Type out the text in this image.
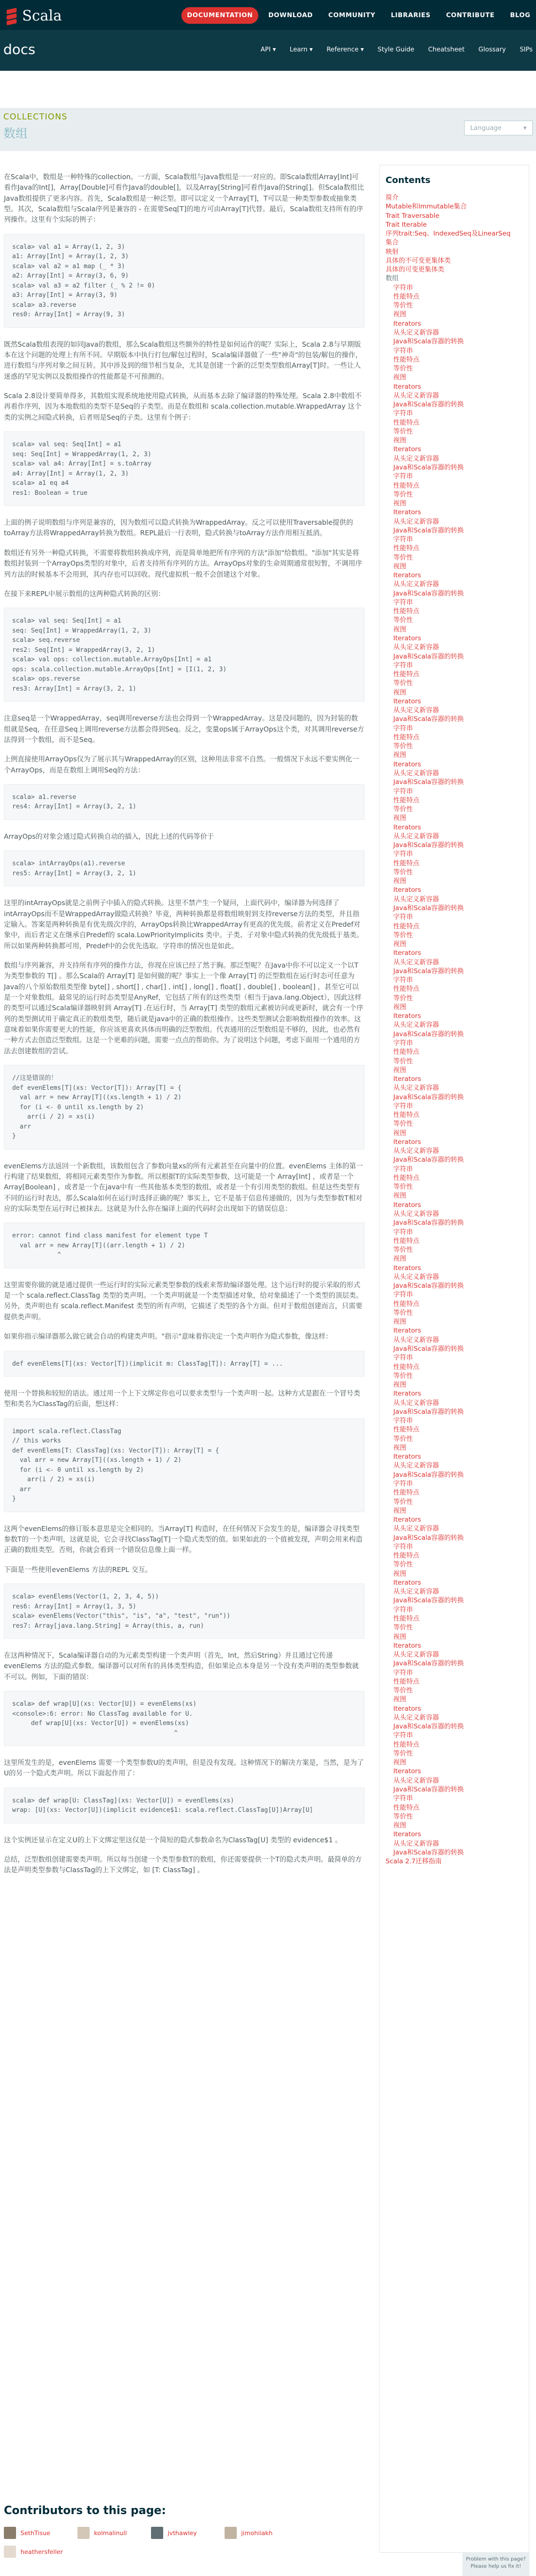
Scala	DOCUMENTATION	DOWNLOAD	COMMUNITY	LIBRARIES	CONTRIBUTE	BLOG
docs	API ▾ Learn ▾ Reference ▾ Style Guide Cheatsheet Glossary SIPs
COLLECTIONS
数组	Language	▾

在Scala中，数组是一种特殊的collection。一方面，Scala数组与Java数组是一一对应的。即Scala数组Array[Int]可看作Java的Int[]，Array[Double]可看作Java的double[]，以及Array[String]可看作Java的String[]。但Scala数组比Java数组提供了更多内容。首先，Scala数组是一种泛型。即可以定义一个Array[T]，T可以是一种类型参数或抽象类型。其次，Scala数组与Scala序列是兼容的 - 在需要Seq[T]的地方可由Array[T]代替。最后，Scala数组支持所有的序列操作。这里有个实际的例子：

scala> val a1 = Array(1, 2, 3)
a1: Array[Int] = Array(1, 2, 3)
scala> val a2 = a1 map (_ * 3)
a2: Array[Int] = Array(3, 6, 9)
scala> val a3 = a2 filter (_ % 2 != 0)
a3: Array[Int] = Array(3, 9)
scala> a3.reverse
res0: Array[Int] = Array(9, 3)

既然Scala数组表现的如同Java的数组，那么Scala数组这些额外的特性是如何运作的呢？实际上，Scala 2.8与早期版本在这个问题的处理上有所不同。早期版本中执行打包/解包过程时，Scala编译器做了一些"神奇"的包装/解包的操作，进行数组与序列对象之间互转。其中涉及到的细节相当复杂，尤其是创建一个新的泛型类型数组Array[T]时。一些让人迷惑的罕见实例以及数组操作的性能都是不可预测的。

Scala 2.8设计要简单得多，其数组实现系统地使用隐式转换，从而基本去除了编译器的特殊处理。Scala 2.8中数组不再看作序列，因为本地数组的类型不是Seq的子类型。而是在数组和 scala.collection.mutable.WrappedArray 这个类的实例之间隐式转换，后者则是Seq的子类。这里有个例子：

scala> val seq: Seq[Int] = a1
seq: Seq[Int] = WrappedArray(1, 2, 3)
scala> val a4: Array[Int] = s.toArray
a4: Array[Int] = Array(1, 2, 3)
scala> a1 eq a4
res1: Boolean = true

上面的例子说明数组与序列是兼容的，因为数组可以隐式转换为WrappedArray。反之可以使用Traversable提供的toArray方法将WrappedArray转换为数组。REPL最后一行表明，隐式转换与toArray方法作用相互抵消。

数组还有另外一种隐式转换，不需要将数组转换成序列，而是简单地把所有序列的方法"添加"给数组。"添加"其实是将数组封装到一个ArrayOps类型的对象中，后者支持所有序列的方法。ArrayOps对象的生命周期通常很短暂，不调用序列方法的时候基本不会用到，其内存也可以回收。现代虚拟机一般不会创建这个对象。

在接下来REPL中展示数组的这两种隐式转换的区别：

scala> val seq: Seq[Int] = a1
seq: Seq[Int] = WrappedArray(1, 2, 3)
scala> seq.reverse
res2: Seq[Int] = WrappedArray(3, 2, 1)
scala> val ops: collection.mutable.ArrayOps[Int] = a1
ops: scala.collection.mutable.ArrayOps[Int] = [I(1, 2, 3)
scala> ops.reverse
res3: Array[Int] = Array(3, 2, 1)

注意seq是一个WrappedArray，seq调用reverse方法也会得到一个WrappedArray。这是没问题的，因为封装的数组就是Seq，在任意Seq上调用reverse方法都会得到Seq。反之，变量ops属于ArrayOps这个类，对其调用reverse方法得到一个数组，而不是Seq。

上例直接使用ArrayOps仅为了展示其与WrappedArray的区别，这种用法非常不自然。一般情况下永远不要实例化一个ArrayOps，而是在数组上调用Seq的方法：

scala> a1.reverse
res4: Array[Int] = Array(3, 2, 1)

ArrayOps的对象会通过隐式转换自动的插入，因此上述的代码等价于

scala> intArrayOps(a1).reverse
res5: Array[Int] = Array(3, 2, 1)

这里的intArrayOps就是之前例子中插入的隐式转换。这里不禁产生一个疑问，上面代码中，编译器为何选择了intArrayOps而不是WrappedArray做隐式转换？毕竟，两种转换都是将数组映射到支持reverse方法的类型，并且指定输入。答案是两种转换是有优先级次序的，ArrayOps转换比WrappedArray有更高的优先级。前者定义在Predef对象中，而后者定义在继承自Predef的 scala.LowPriorityImplicits 类中。子类、子对象中隐式转换的优先级低于基类。所以如果两种转换都可用，Predef中的会优先选取。字符串的情况也是如此。

数组与序列兼容，并支持所有序列的操作方法，你现在应该已经了然于胸。那泛型呢？在Java中你不可以定义一个以T为类型参数的 T[] 。那么Scala的 Array[T] 是如何做的呢？事实上一个像 Array[T] 的泛型数组在运行时态可任意为Java的八个原始数组类型像 byte[] , short[] , char[] , int[] , long[] , float[] , double[] , boolean[] ，甚至它可以是一个对象数组。最常见的运行时态类型是AnyRef，它包括了所有的这些类型（相当于java.lang.Object），因此这样的类型可以通过Scala编译器映射到 Array[T] .在运行时，当 Array[T] 类型的数组元素被访问或更新时，就会有一个序列的类型测试用于确定真正的数组类型，随后就是java中的正确的数组操作。这些类型测试会影响数组操作的效率。这意味着如果你需要更大的性能，你应该更喜欢具体而明确的泛型数组。代表通用的泛型数组是不够的，因此，也必然有一种方式去创造泛型数组。这是一个更难的问题，需要一点点的帮助你。为了说明这个问题，考虑下面用一个通用的方法去创建数组的尝试。

//这是错误的！
def evenElems[T](xs: Vector[T]): Array[T] = {
val arr = new Array[T]((xs.length + 1) / 2)
for (i <- 0 until xs.length by 2)
arr(i / 2) = xs(i)
arr
}

evenElems方法返回一个新数组，该数组包含了参数向量xs的所有元素甚至在向量中的位置。evenElems 主体的第一行构建了结果数组，将相同元素类型作为参数。所以根据T的实际类型参数，这可能是一个 Array[Int] ，或者是一个 Array[Boolean] ，或者是一个在java中有一些其他基本类型的数组，或者是一个有引用类型的数组。但是这些类型有不同的运行时表达，那么Scala如何在运行时选择正确的呢？事实上，它不是基于信息传递做的，因为与类型参数T相对应的实际类型在运行时已被抹去。这就是为什么你在编译上面的代码时会出现如下的错误信息：

error: cannot find class manifest for element type T
val arr = new Array[T]((arr.length + 1) / 2)
^

这里需要你做的就是通过提供一些运行时的实际元素类型参数的线索来帮助编译器处理。这个运行时的提示采取的形式是一个 scala.reflect.ClassTag 类型的类声明。一个类声明就是一个类型描述对象，给对象描述了一个类型的顶层类。另外，类声明也有 scala.reflect.Manifest 类型的所有声明，它描述了类型的各个方面。但对于数组创建而言，只需要提供类声明。

如果你指示编译器那么做它就会自动的构建类声明。"指示"意味着你决定一个类声明作为隐式参数，像这样：

def evenElems[T](xs: Vector[T])(implicit m: ClassTag[T]): Array[T] = ...

使用一个替换和较短的语法。通过用一个上下文绑定你也可以要求类型与一个类声明一起。这种方式是跟在一个冒号类型和类名为ClassTag的后面，想这样：

import scala.reflect.ClassTag
// this works
def evenElems[T: ClassTag](xs: Vector[T]): Array[T] = {
val arr = new Array[T]((xs.length + 1) / 2)
for (i <- 0 until xs.length by 2)
arr(i / 2) = xs(i)
arr
}

这两个evenElems的修订版本意思是完全相同的。当Array[T] 构造时，在任何情况下会发生的是，编译器会寻找类型参数T的一个类声明，这就是说，它会寻找ClassTag[T]一个隐式类型的值。如果如此的一个值被发现，声明会用来构造正确的数组类型。否则，你就会看到一个错误信息像上面一样。

下面是一些使用evenElems 方法的REPL 交互。

scala> evenElems(Vector(1, 2, 3, 4, 5))
res6: Array[Int] = Array(1, 3, 5)
scala> evenElems(Vector("this", "is", "a", "test", "run"))
res7: Array[java.lang.String] = Array(this, a, run)

在这两种情况下，Scala编译器自动的为元素类型构建一个类声明（首先，Int，然后String）并且通过它传递evenElems 方法的隐式参数。编译器可以对所有的具体类型构造，但如果论点本身是另一个没有类声明的类型参数就不可以。例如，下面的错误：

scala> def wrap[U](xs: Vector[U]) = evenElems(xs)
<console>:6: error: No ClassTag available for U.
def wrap[U](xs: Vector[U]) = evenElems(xs)
^

这里所发生的是，evenElems 需要一个类型参数U的类声明，但是没有发现。这种情况下的解决方案是，当然，是为了U的另一个隐式类声明。所以下面起作用了：

scala> def wrap[U: ClassTag](xs: Vector[U]) = evenElems(xs)
wrap: [U](xs: Vector[U])(implicit evidence$1: scala.reflect.ClassTag[U])Array[U]

这个实例还显示在定义U的上下文绑定里这仅是一个简短的隐式参数命名为ClassTag[U] 类型的 evidence$1 。

总结，泛型数组创建需要类声明。所以每当创建一个类型参数T的数组，你还需要提供一个T的隐式类声明。最简单的方法是声明类型参数与ClassTag的上下文绑定，如 [T: ClassTag] 。

Contributors to this page:
SethTisue	kolmalinull	jvthawley	jimohiiakh
heathersfeller
Contents
简介
Mutable和Immutable集合
Trait Traversable
Trait Iterable
序列trait:Seq、IndexedSeq及LinearSeq
集合
映射
具体的不可变更集体类
具体的可变更集体类
数组
字符串
性能特点
等价性
视图
Iterators
从头定义新容器
Java和Scala容器的转换
字符串
性能特点
等价性
视图
Iterators
从头定义新容器
Java和Scala容器的转换
字符串
性能特点
等价性
视图
Iterators
从头定义新容器
Java和Scala容器的转换
字符串
性能特点
等价性
视图
Iterators
从头定义新容器
Java和Scala容器的转换
字符串
性能特点
等价性
视图
Iterators
从头定义新容器
Java和Scala容器的转换
字符串
性能特点
等价性
视图
Iterators
从头定义新容器
Java和Scala容器的转换
字符串
性能特点
等价性
视图
Iterators
从头定义新容器
Java和Scala容器的转换
字符串
性能特点
等价性
视图
Iterators
从头定义新容器
Java和Scala容器的转换
字符串
性能特点
等价性
视图
Iterators
从头定义新容器
Java和Scala容器的转换
字符串
性能特点
等价性
视图
Iterators
从头定义新容器
Java和Scala容器的转换
字符串
性能特点
等价性
视图
Iterators
从头定义新容器
Java和Scala容器的转换
字符串
性能特点
等价性
视图
Iterators
从头定义新容器
Java和Scala容器的转换
字符串
性能特点
等价性
视图
Iterators
从头定义新容器
Java和Scala容器的转换
字符串
性能特点
等价性
视图
Iterators
从头定义新容器
Java和Scala容器的转换
字符串
性能特点
等价性
视图
Iterators
从头定义新容器
Java和Scala容器的转换
字符串
性能特点
等价性
视图
Iterators
从头定义新容器
Java和Scala容器的转换
字符串
性能特点
等价性
视图
Iterators
从头定义新容器
Java和Scala容器的转换
字符串
性能特点
等价性
视图
Iterators
从头定义新容器
Java和Scala容器的转换
字符串
性能特点
等价性
视图
Iterators
从头定义新容器
Java和Scala容器的转换
字符串
性能特点
等价性
视图
Iterators
从头定义新容器
Java和Scala容器的转换
字符串
性能特点
等价性
视图
Iterators
从头定义新容器
Java和Scala容器的转换
字符串
性能特点
等价性
视图
Iterators
从头定义新容器
Java和Scala容器的转换
字符串
性能特点
等价性
视图
Iterators
从头定义新容器
Java和Scala容器的转换
字符串
性能特点
等价性
视图
Iterators
从头定义新容器
Java和Scala容器的转换
字符串
性能特点
等价性
视图
Iterators
从头定义新容器
Java和Scala容器的转换
Scala 2.7迁移指南
Problem with this page? Please help us fix it!
